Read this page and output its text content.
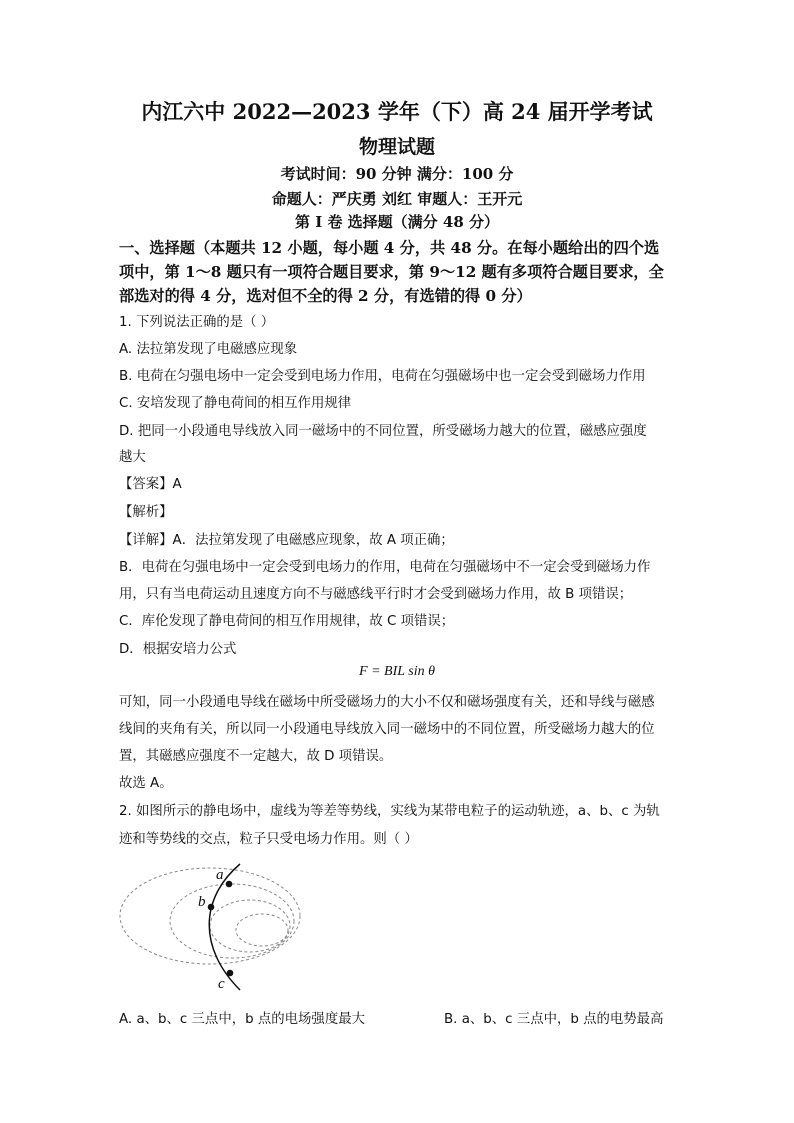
内江六中 2022—2023 学年（下）高 24 届开学考试
物理试题
考试时间：90 分钟 满分：100 分
命题人：严庆勇 刘红 审题人：王开元
第 I 卷 选择题（满分 48 分）
一、选择题（本题共 12 小题，每小题 4 分，共 48 分。在每小题给出的四个选
项中，第 1～8 题只有一项符合题目要求，第 9～12 题有多项符合题目要求，全
部选对的得 4 分，选对但不全的得 2 分，有选错的得 0 分）
1. 下列说法正确的是（ ）
A. 法拉第发现了电磁感应现象
B. 电荷在匀强电场中一定会受到电场力作用，电荷在匀强磁场中也一定会受到磁场力作用
C. 安培发现了静电荷间的相互作用规律
D. 把同一小段通电导线放入同一磁场中的不同位置，所受磁场力越大的位置，磁感应强度
越大
【答案】A
【解析】
【详解】A．法拉第发现了电磁感应现象，故 A 项正确；
B．电荷在匀强电场中一定会受到电场力的作用，电荷在匀强磁场中不一定会受到磁场力作
用，只有当电荷运动且速度方向不与磁感线平行时才会受到磁场力作用，故 B 项错误；
C．库伦发现了静电荷间的相互作用规律，故 C 项错误；
D．根据安培力公式
F = BIL sin θ
可知，同一小段通电导线在磁场中所受磁场力的大小不仅和磁场强度有关，还和导线与磁感
线间的夹角有关，所以同一小段通电导线放入同一磁场中的不同位置，所受磁场力越大的位
置，其磁感应强度不一定越大，故 D 项错误。
故选 A。
2. 如图所示的静电场中，虚线为等差等势线，实线为某带电粒子的运动轨迹，a、b、c 为轨
迹和等势线的交点，粒子只受电场力作用。则（ ）
a
b
c
A. a、b、c 三点中，b 点的电场强度最大	B. a、b、c 三点中，b 点的电势最高
